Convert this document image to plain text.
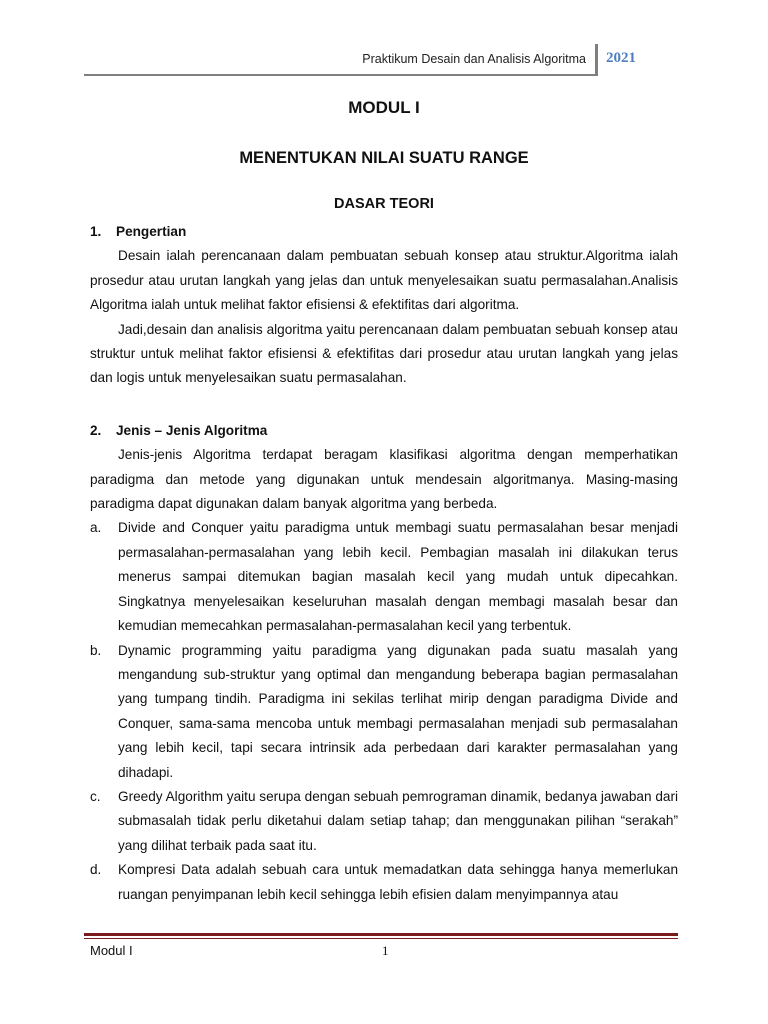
Praktikum Desain dan Analisis Algoritma 2021
MODUL I
MENENTUKAN NILAI SUATU RANGE
DASAR TEORI
1.	Pengertian

Desain ialah perencanaan dalam pembuatan sebuah konsep atau struktur.Algoritma ialah prosedur atau urutan langkah yang jelas dan untuk menyelesaikan suatu permasalahan.Analisis Algoritma ialah untuk melihat faktor efisiensi & efektifitas dari algoritma.

Jadi,desain dan analisis algoritma yaitu perencanaan dalam pembuatan sebuah konsep atau struktur untuk melihat faktor efisiensi & efektifitas dari prosedur atau urutan langkah yang jelas dan logis untuk menyelesaikan suatu permasalahan.

2.	Jenis – Jenis Algoritma

Jenis-jenis Algoritma terdapat beragam klasifikasi algoritma dengan memperhatikan paradigma dan metode yang digunakan untuk mendesain algoritmanya. Masing-masing paradigma dapat digunakan dalam banyak algoritma yang berbeda.

a.	Divide and Conquer yaitu paradigma untuk membagi suatu permasalahan besar menjadi permasalahan-permasalahan yang lebih kecil. Pembagian masalah ini dilakukan terus menerus sampai ditemukan bagian masalah kecil yang mudah untuk dipecahkan. Singkatnya menyelesaikan keseluruhan masalah dengan membagi masalah besar dan kemudian memecahkan permasalahan-permasalahan kecil yang terbentuk.
b.	Dynamic programming yaitu paradigma yang digunakan pada suatu masalah yang mengandung sub-struktur yang optimal dan mengandung beberapa bagian permasalahan yang tumpang tindih. Paradigma ini sekilas terlihat mirip dengan paradigma Divide and Conquer, sama-sama mencoba untuk membagi permasalahan menjadi sub permasalahan yang lebih kecil, tapi secara intrinsik ada perbedaan dari karakter permasalahan yang dihadapi.
c.	Greedy Algorithm yaitu serupa dengan sebuah pemrograman dinamik, bedanya jawaban dari submasalah tidak perlu diketahui dalam setiap tahap; dan menggunakan pilihan “serakah” yang dilihat terbaik pada saat itu.
d.	Kompresi Data adalah sebuah cara untuk memadatkan data sehingga hanya memerlukan ruangan penyimpanan lebih kecil sehingga lebih efisien dalam menyimpannya atau
Modul I	1
